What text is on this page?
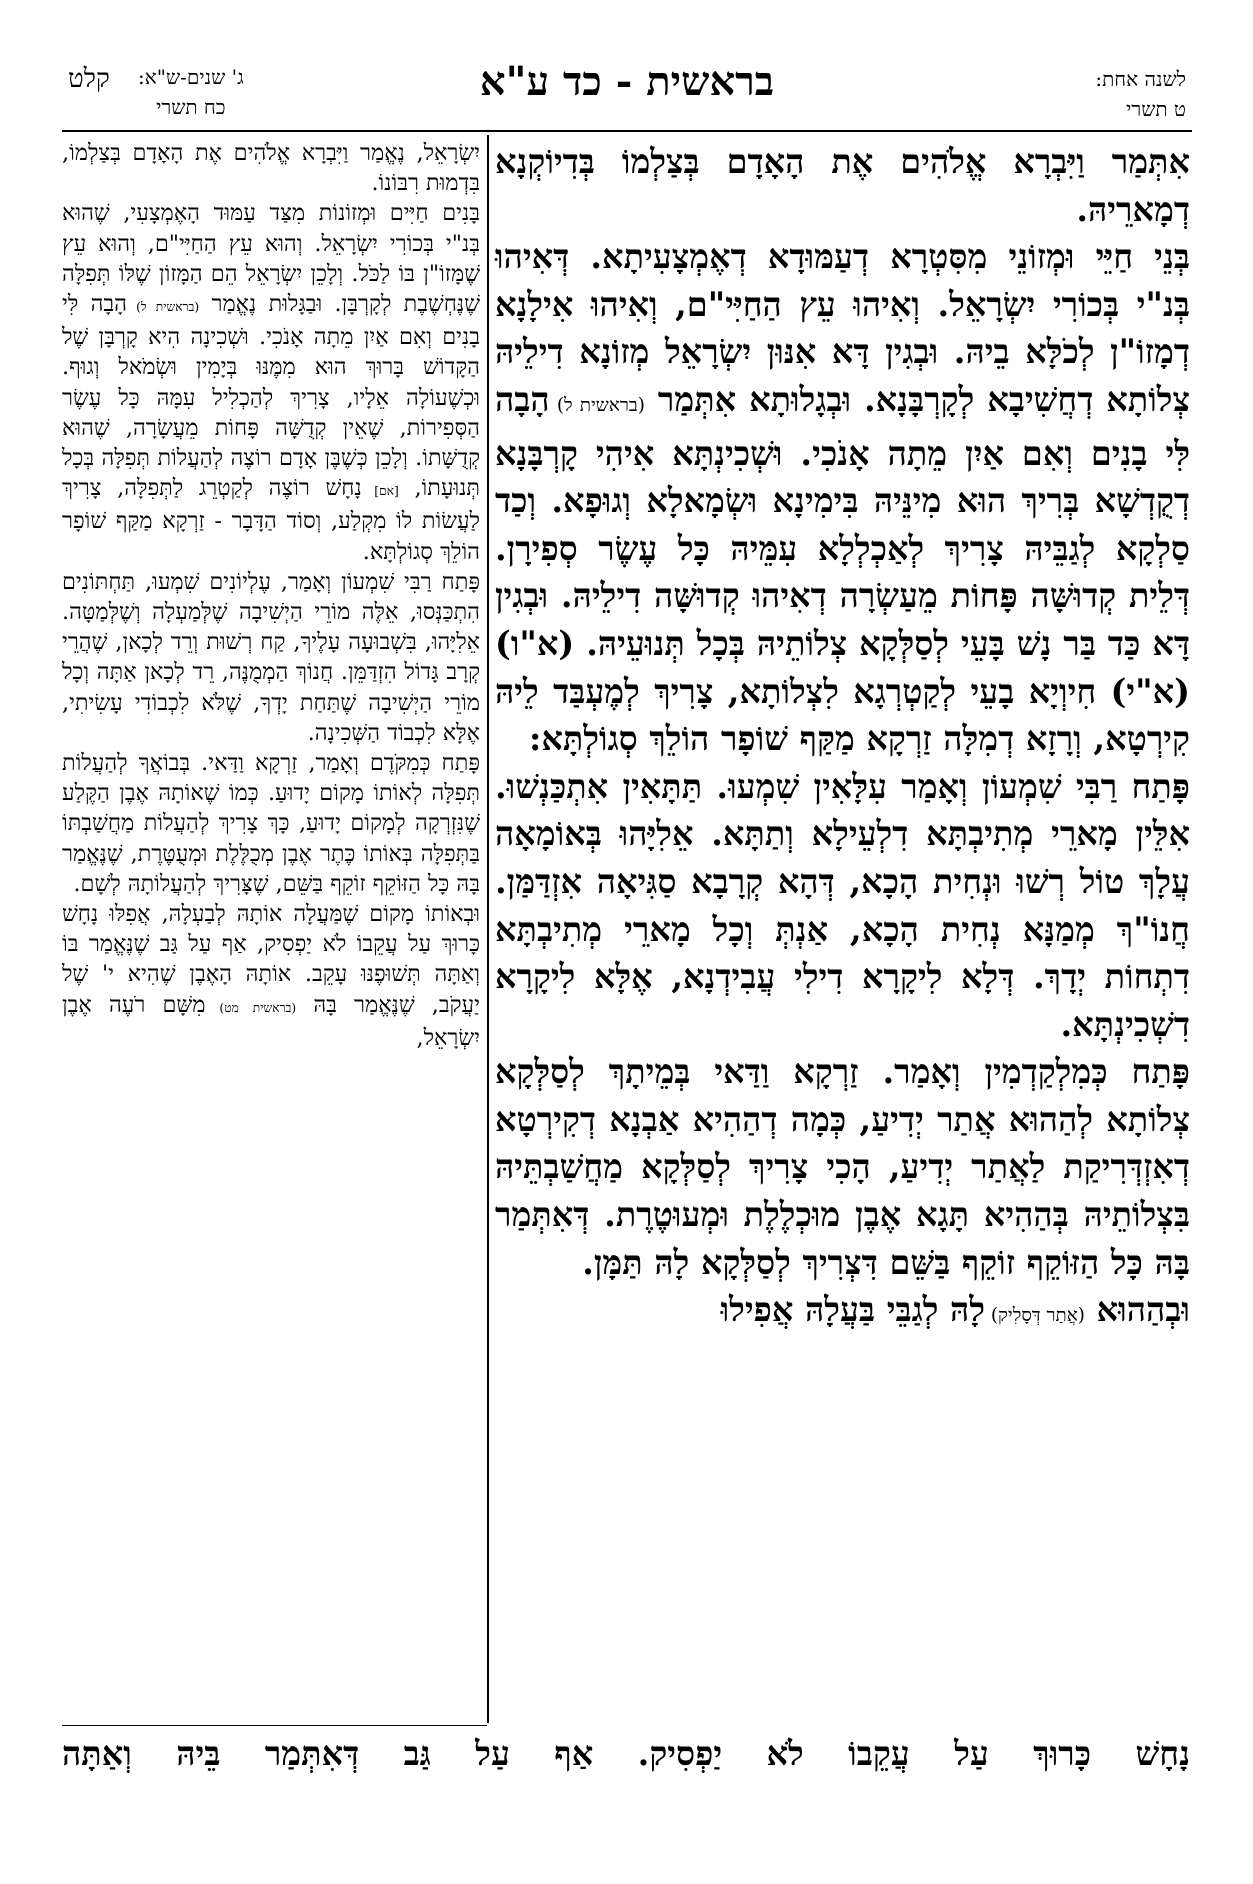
קלט ג' שנים-ש"א:
כח תשרי
בראשית - כד ע"א	לשנה אחת:
ט תשרי

אִתְּמַר וַיִּבְרָא אֱלֹהִים אֶת הָאָדָם בְּצַלְמוֹ בְּדִיוֹקְנָא דְמָארֵיהּ.

בְּנֵי חַיֵּי וּמְזוֹנֵי מִסִּטְרָא דְעַמּוּדָא דְאֶמְצָעִיתָא. דְּאִיהוּ בְּנ"י בְּכוֹרִי יִשְׂרָאֵל. וְאִיהוּ עֵץ הַחַיִּי"ם, וְאִיהוּ אִילָנָא דְמָזוֹ"ן לְכֹלָּא בֵיהּ. וּבְגִין דָּא אִנּוּן יִשְׂרָאֵל מְזוֹנָא דִילֵיהּ צְלוֹתָא דְחֲשִׁיבָא לְקָרְבָּנָא. וּבְגָלוּתָא אִתְּמַר (בראשית ל) הָבָה לִּי בָנִים וְאִם אַיִן מֵתָה אָנֹכִי. וּשְׁכִינְתָּא אִיהִי קָרְבָּנָא דְקֻדְשָׁא בְּרִיךְ הוּא מִינֵּיהּ בִּימִינָא וּשְׂמָאלָא וְגוּפָא. וְכַד סַלְקָא לְגַבֵּיהּ צָרִיךְ לְאַכְלְלָא עִמֵּיהּ כָּל עֶשֶׂר סְפִירָן. דְּלֵית קְדוּשָּׁה פָּחוֹת מֵעַשְׂרָה דְאִיהוּ קְדוּשָּׁה דִילֵיהּ. וּבְגִין דָּא כַּד בַּר נָשׁ בָּעֵי לְסַלְּקָא צְלוֹתֵיהּ בְּכָל תְּנוּעֵיהּ. (א"ו) (א"י) חִיוְיָא בָעֵי לְקַטְרְגָא לִצְלוֹתָא, צָרִיךְ לְמֶעְבַּד לֵיהּ קִירְטָא, וְרָזָא דְמִלָּה זַרְקָא מַקַּף שׁוֹפָר הוֹלֵךְ סְגוֹלְתָּא:

פָּתַח רַבִּי שִׁמְעוֹן וְאָמַר עִלָּאִין שִׁמְעוּ. תַּתָּאִין אִתְכַּנְשׁוּ. אִלֵּין מָארֵי מְתִיבְתָּא דִלְעֵילָא וְתַתָּא. אֵלִיָּהוּ בְּאוֹמָאָה עֲלָךְ טוֹל רְשׁוּ וּנְחִית הָכָא, דְּהָא קְרָבָא סַגִּיאָה אִזְדַּמַּן. חֲנוֹ"ךְ מְמַנָּא נְחִית הָכָא, אַנְתְּ וְכָל מָארֵי מְתִיבְתָּא דִתְחוֹת יְדָךְ. דְּלָא לִיקָרָא דִילִי עֲבִידְנָא, אֶלָּא לִיקָרָא דִשְׁכִינְתָּא.

פָּתַח כְּמִלְקַדְמִין וְאָמַר. זַרְקָא וַדַּאי בְּמֵיתָךְ לְסַלְּקָא צְלוֹתָא לְהַהוּא אֲתַר יְדִיעַ, כְּמָה דְהַהִיא אַבְנָא דְקִירְטָא דְאִזְדְּרִיקַת לַאֲתַר יְדִיעַ, הָכִי צָרִיךְ לְסַלְּקָא מַחֲשַׁבְתֵּיהּ בִּצְלוֹתֵיהּ בְּהַהִיא תָּגָא אֶבֶן מוּכְלֶלֶת וּמְעוּטֶרֶת. דְּאִתְּמַר בָּהּ כָּל הַזּוֹקֵף זוֹקֵף בַּשֵּׁם דִּצְרִיךְ לְסַלְּקָא לָהּ תַּמָּן.

וּבְהַהוּא (אֲתַר דְּסָלִיק) לָהּ לְגַבֵּי בַּעֲלָהּ אֲפִילוּ

יִשְׂרָאֵל, נֶאֱמַר וַיִּבְרָא אֱלֹהִים אֶת הָאָדָם בְּצַלְמוֹ, בִּדְמוּת רִבּוֹנוֹ.

בָּנִים חַיִּים וּמְזוֹנוֹת מִצַּד עַמּוּד הָאֶמְצָעִי, שֶׁהוּא בְּנ"י בְּכוֹרִי יִשְׂרָאֵל. וְהוּא עֵץ הַחַיִּי"ם, וְהוּא עֵץ שֶׁמָּזוֹ"ן בּוֹ לַכֹּל. וְלָכֵן יִשְׂרָאֵל הֵם הַמָּזוֹן שֶׁלּוֹ תְּפִלָּה שֶׁנֶּחְשֶׁבֶת לְקָרְבָּן. וּבַגָּלוּת נֶאֱמַר (בראשית ל) הָבָה לִּי בָנִים וְאִם אַיִן מֵתָה אָנֹכִי. וּשְׁכִינָה הִיא קָרְבָּן שֶׁל הַקָּדוֹשׁ בָּרוּךְ הוּא מִמֶּנּוּ בְּיָמִין וּשְׂמֹאל וְגוּף. וּכְשֶׁעוֹלָה אֵלָיו, צָרִיךְ לְהַכְלִיל עִמָּהּ כָּל עֶשֶׂר הַסְּפִירוֹת, שֶׁאֵין קְדֻשָּׁה פָּחוֹת מֵעֲשָׂרָה, שֶׁהוּא קְדֻשָּׁתוֹ. וְלָכֵן כְּשֶׁבֶּן אָדָם רוֹצֶה לְהַעֲלוֹת תְּפִלָּה בְּכָל תְּנוּעָתוֹ, [אם] נָחָשׁ רוֹצֶה לְקַטְרֵג לַתְּפִלָּה, צָרִיךְ לַעֲשׂוֹת לוֹ מִקְלַע, וְסוֹד הַדָּבָר - זַרְקָא מַקַּף שׁוֹפָר הוֹלֵךְ סְגוֹלְתָּא.

פָּתַח רַבִּי שִׁמְעוֹן וְאָמַר, עֶלְיוֹנִים שִׁמְעוּ, תַּחְתּוֹנִים הִתְכַּנְּסוּ, אֵלֶּה מוֹרֵי הַיְשִׁיבָה שֶׁלְּמַעְלָה וְשֶׁלְּמַטָּה. אֵלִיָּהוּ, בִּשְׁבוּעָה עָלֶיךָ, קַח רְשׁוּת וְרֵד לְכָאן, שֶׁהֲרֵי קְרָב גָּדוֹל הִזְדַּמֵּן. חֲנוֹךְ הַמְמֻנֶּה, רֵד לְכָאן אַתָּה וְכָל מוֹרֵי הַיְשִׁיבָה שֶׁתַּחַת יָדְךָ, שֶׁלֹּא לִכְבוֹדִי עָשִׂיתִי, אֶלָּא לִכְבוֹד הַשְּׁכִינָה.

פָּתַח כְּמִקֹּדֶם וְאָמַר, זַרְקָא וַדַּאי. בְּבוֹאֲךָ לְהַעֲלוֹת תְּפִלָּה לְאוֹתוֹ מָקוֹם יָדוּעַ. כְּמוֹ שֶׁאוֹתָהּ אֶבֶן הַקֶּלַע שֶׁנִּזְרְקָה לְמָקוֹם יָדוּעַ, כָּךְ צָרִיךְ לְהַעֲלוֹת מַחֲשַׁבְתּוֹ בַּתְּפִלָּה בְּאוֹתוֹ כֶּתֶר אֶבֶן מְכֻלֶּלֶת וּמְעֻטֶּרֶת, שֶׁנֶּאֱמַר בָּהּ כָּל הַזּוֹקֵף זוֹקֵף בַּשֵּׁם, שֶׁצָּרִיךְ לְהַעֲלוֹתָהּ לְשָׁם.

וּבְאוֹתוֹ מָקוֹם שֶׁמַּעֲלָה אוֹתָהּ לְבַעְלָהּ, אֲפִלּוּ נָחָשׁ כָּרוּךְ עַל עֲקֵבוֹ לֹא יַפְסִיק, אַף עַל גַּב שֶׁנֶּאֱמַר בּוֹ וְאַתָּה תְּשׁוּפֶנּוּ עָקֵב. אוֹתָהּ הָאֶבֶן שֶׁהִיא י' שֶׁל יַעֲקֹב, שֶׁנֶּאֱמַר בָּהּ (בראשית מט) מִשָּׁם רֹעֶה אֶבֶן יִשְׂרָאֵל,

נָחָשׁ כָּרוּךְ עַל עֲקֵבוֹ לֹא יַפְסִיק. אַף עַל גַּב דְּאִתְּמַר בֵּיהּ וְאַתָּה
